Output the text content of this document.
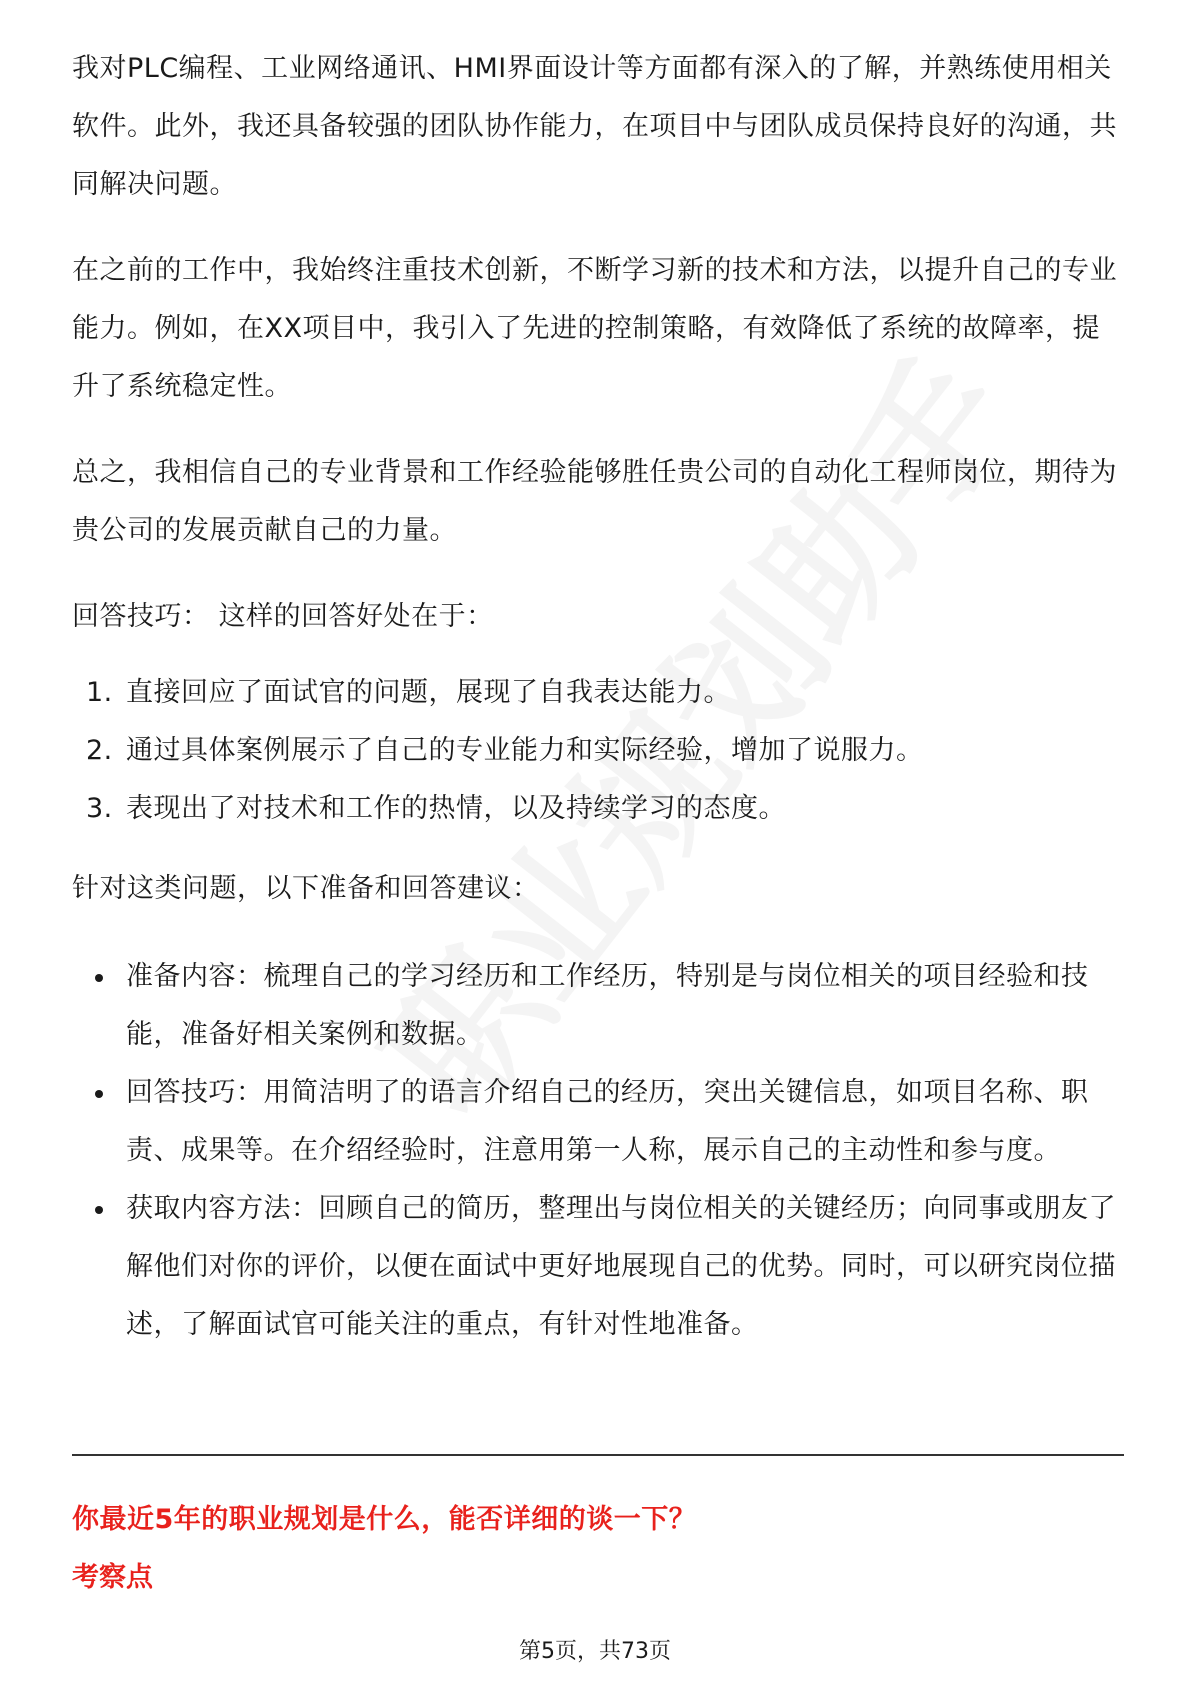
我对PLC编程、工业网络通讯、HMI界面设计等方面都有深入的了解，并熟练使用相关软件。此外，我还具备较强的团队协作能力，在项目中与团队成员保持良好的沟通，共同解决问题。

在之前的工作中，我始终注重技术创新，不断学习新的技术和方法，以提升自己的专业能力。例如，在XX项目中，我引入了先进的控制策略，有效降低了系统的故障率，提升了系统稳定性。

总之，我相信自己的专业背景和工作经验能够胜任贵公司的自动化工程师岗位，期待为贵公司的发展贡献自己的力量。

回答技巧： 这样的回答好处在于：

1. 直接回应了面试官的问题，展现了自我表达能力。
2. 通过具体案例展示了自己的专业能力和实际经验，增加了说服力。
3. 表现出了对技术和工作的热情，以及持续学习的态度。

针对这类问题，以下准备和回答建议：

准备内容：梳理自己的学习经历和工作经历，特别是与岗位相关的项目经验和技能，准备好相关案例和数据。
回答技巧：用简洁明了的语言介绍自己的经历，突出关键信息，如项目名称、职责、成果等。在介绍经验时，注意用第一人称，展示自己的主动性和参与度。
获取内容方法：回顾自己的简历，整理出与岗位相关的关键经历；向同事或朋友了解他们对你的评价，以便在面试中更好地展现自己的优势。同时，可以研究岗位描述，了解面试官可能关注的重点，有针对性地准备。
你最近5年的职业规划是什么，能否详细的谈一下？
考察点
第5页，共73页
